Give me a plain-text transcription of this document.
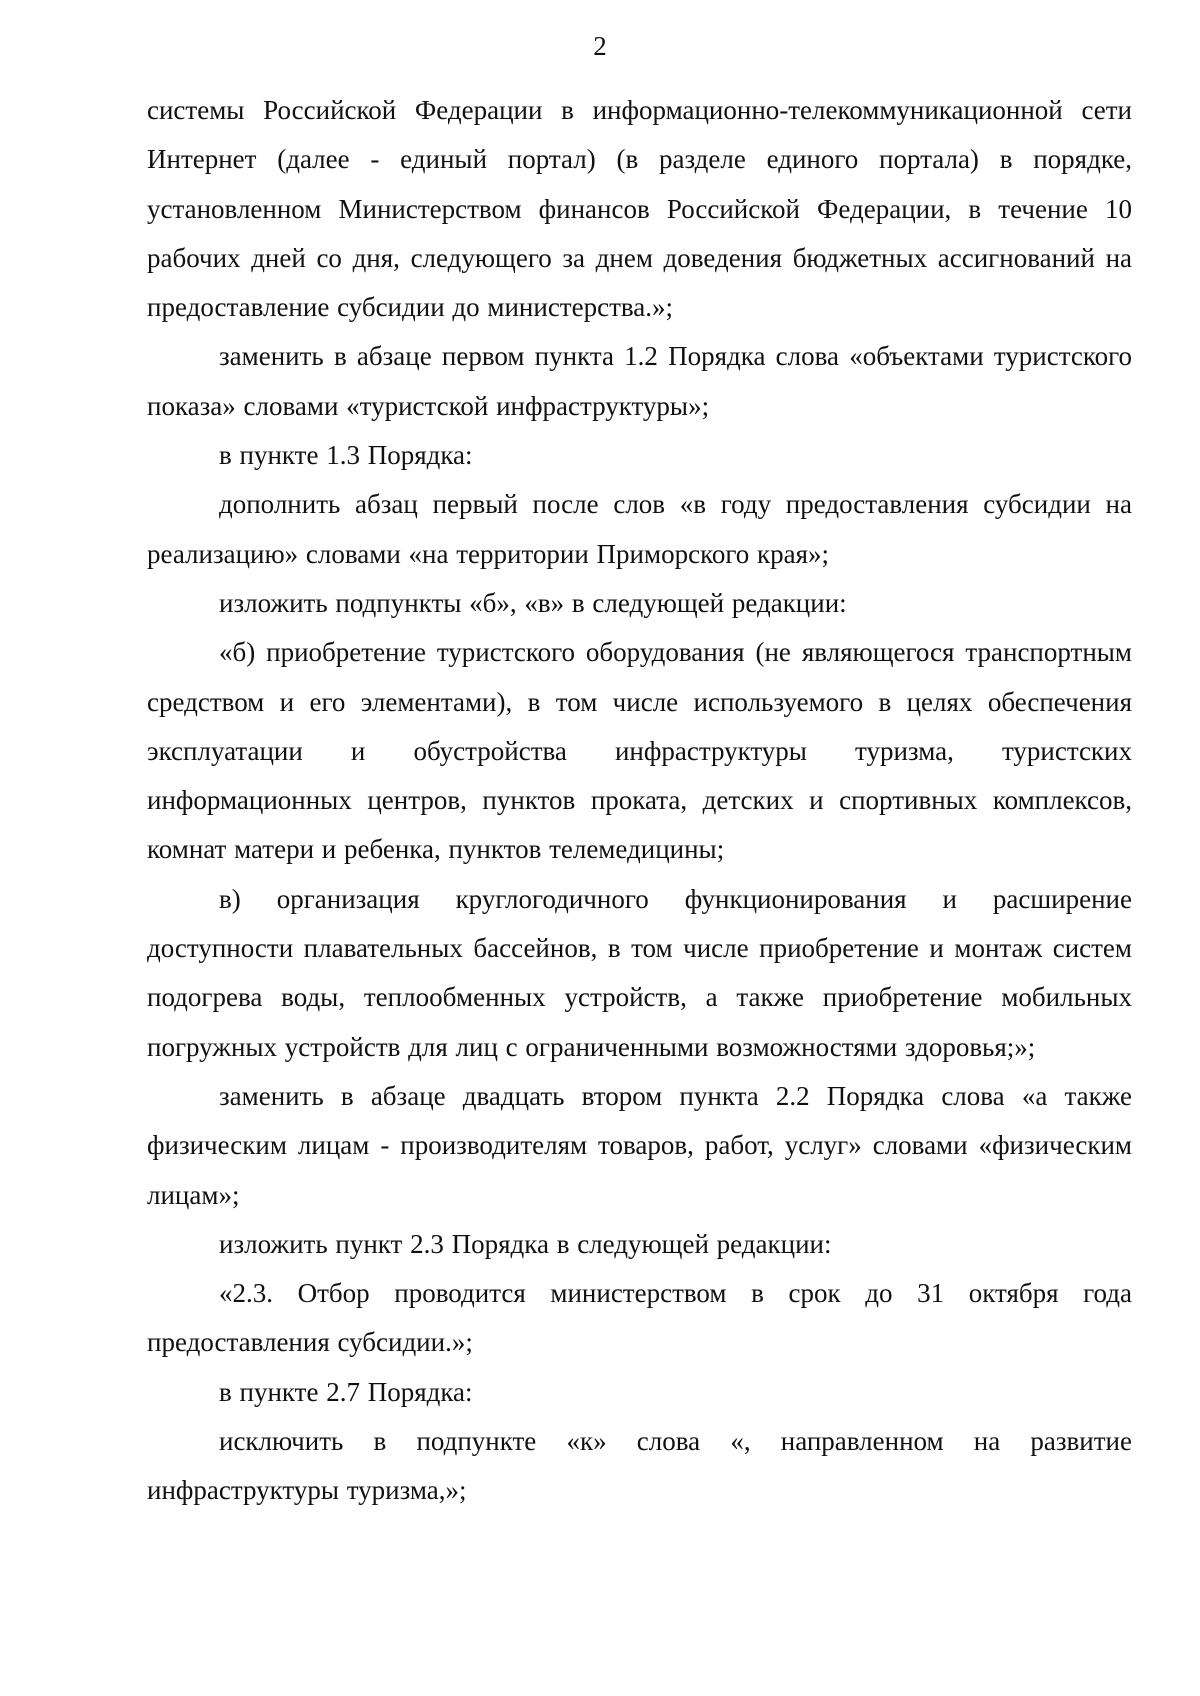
2

системы Российской Федерации в информационно-телекоммуникационной сети Интернет (далее - единый портал) (в разделе единого портала) в порядке, установленном Министерством финансов Российской Федерации, в течение 10 рабочих дней со дня, следующего за днем доведения бюджетных ассигнований на предоставление субсидии до министерства.»;

заменить в абзаце первом пункта 1.2 Порядка слова «объектами туристского показа» словами «туристской инфраструктуры»;

в пункте 1.3 Порядка:

дополнить абзац первый после слов «в году предоставления субсидии на реализацию» словами «на территории Приморского края»;

изложить подпункты «б», «в» в следующей редакции:

«б) приобретение туристского оборудования (не являющегося транспортным средством и его элементами), в том числе используемого в целях обеспечения эксплуатации и обустройства инфраструктуры туризма, туристских информационных центров, пунктов проката, детских и спортивных комплексов, комнат матери и ребенка, пунктов телемедицины;

в) организация круглогодичного функционирования и расширение доступности плавательных бассейнов, в том числе приобретение и монтаж систем подогрева воды, теплообменных устройств, а также приобретение мобильных погружных устройств для лиц с ограниченными возможностями здоровья;»;

заменить в абзаце двадцать втором пункта 2.2 Порядка слова «а также физическим лицам - производителям товаров, работ, услуг» словами «физическим лицам»;

изложить пункт 2.3 Порядка в следующей редакции:

«2.3. Отбор проводится министерством в срок до 31 октября года предоставления субсидии.»;

в пункте 2.7 Порядка:

исключить в подпункте «к» слова «, направленном на развитие инфраструктуры туризма,»;
